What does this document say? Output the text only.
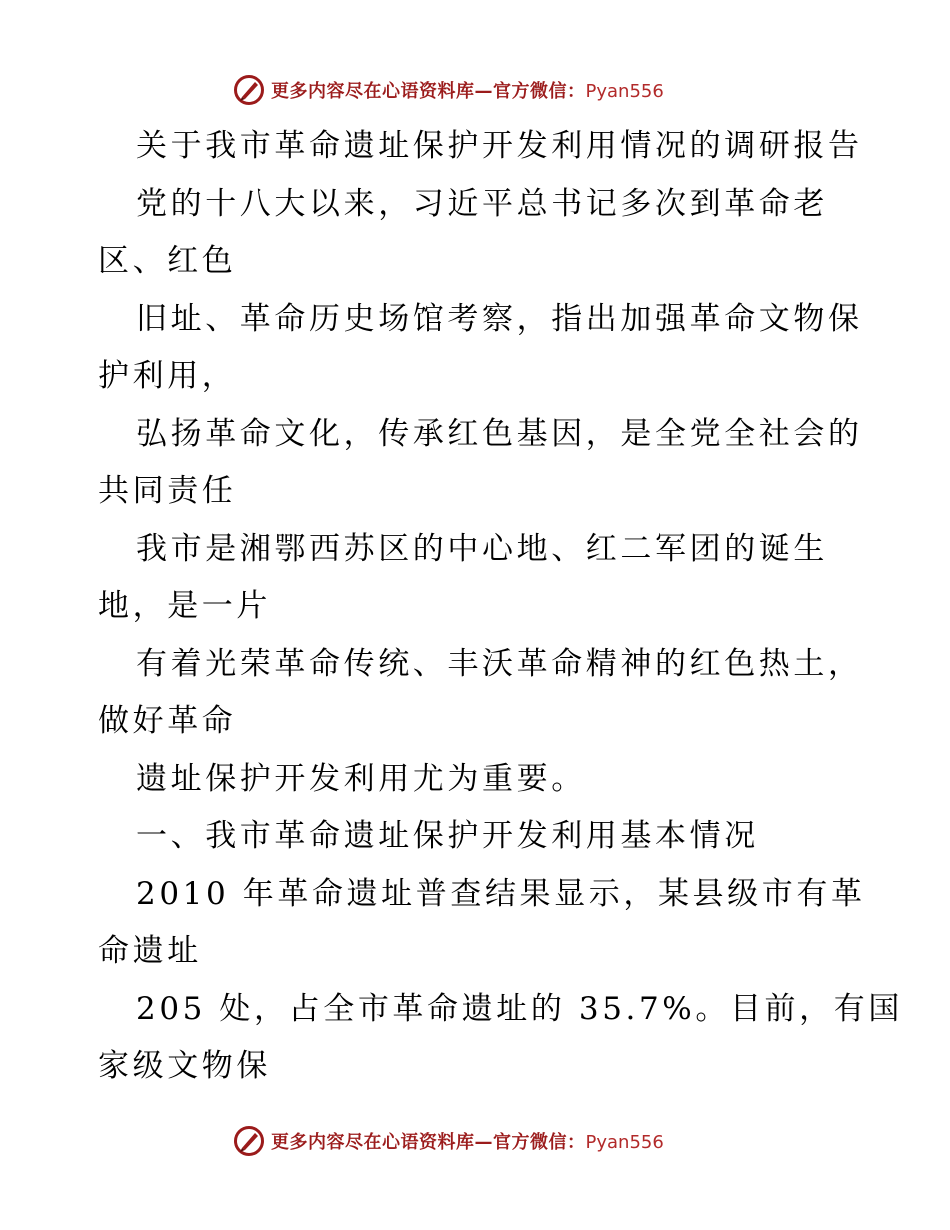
更多内容尽在心语资料库—官方微信：Pyan556
关于我市革命遗址保护开发利用情况的调研报告
党的十八大以来，习近平总书记多次到革命老
区、红色
旧址、革命历史场馆考察，指出加强革命文物保
护利用，
弘扬革命文化，传承红色基因，是全党全社会的
共同责任
我市是湘鄂西苏区的中心地、红二军团的诞生
地，是一片
有着光荣革命传统、丰沃革命精神的红色热土，
做好革命
遗址保护开发利用尤为重要。
一、我市革命遗址保护开发利用基本情况
2010 年革命遗址普查结果显示，某县级市有革
命遗址
205 处，占全市革命遗址的 35.7%。目前，有国
家级文物保
更多内容尽在心语资料库—官方微信：Pyan556
